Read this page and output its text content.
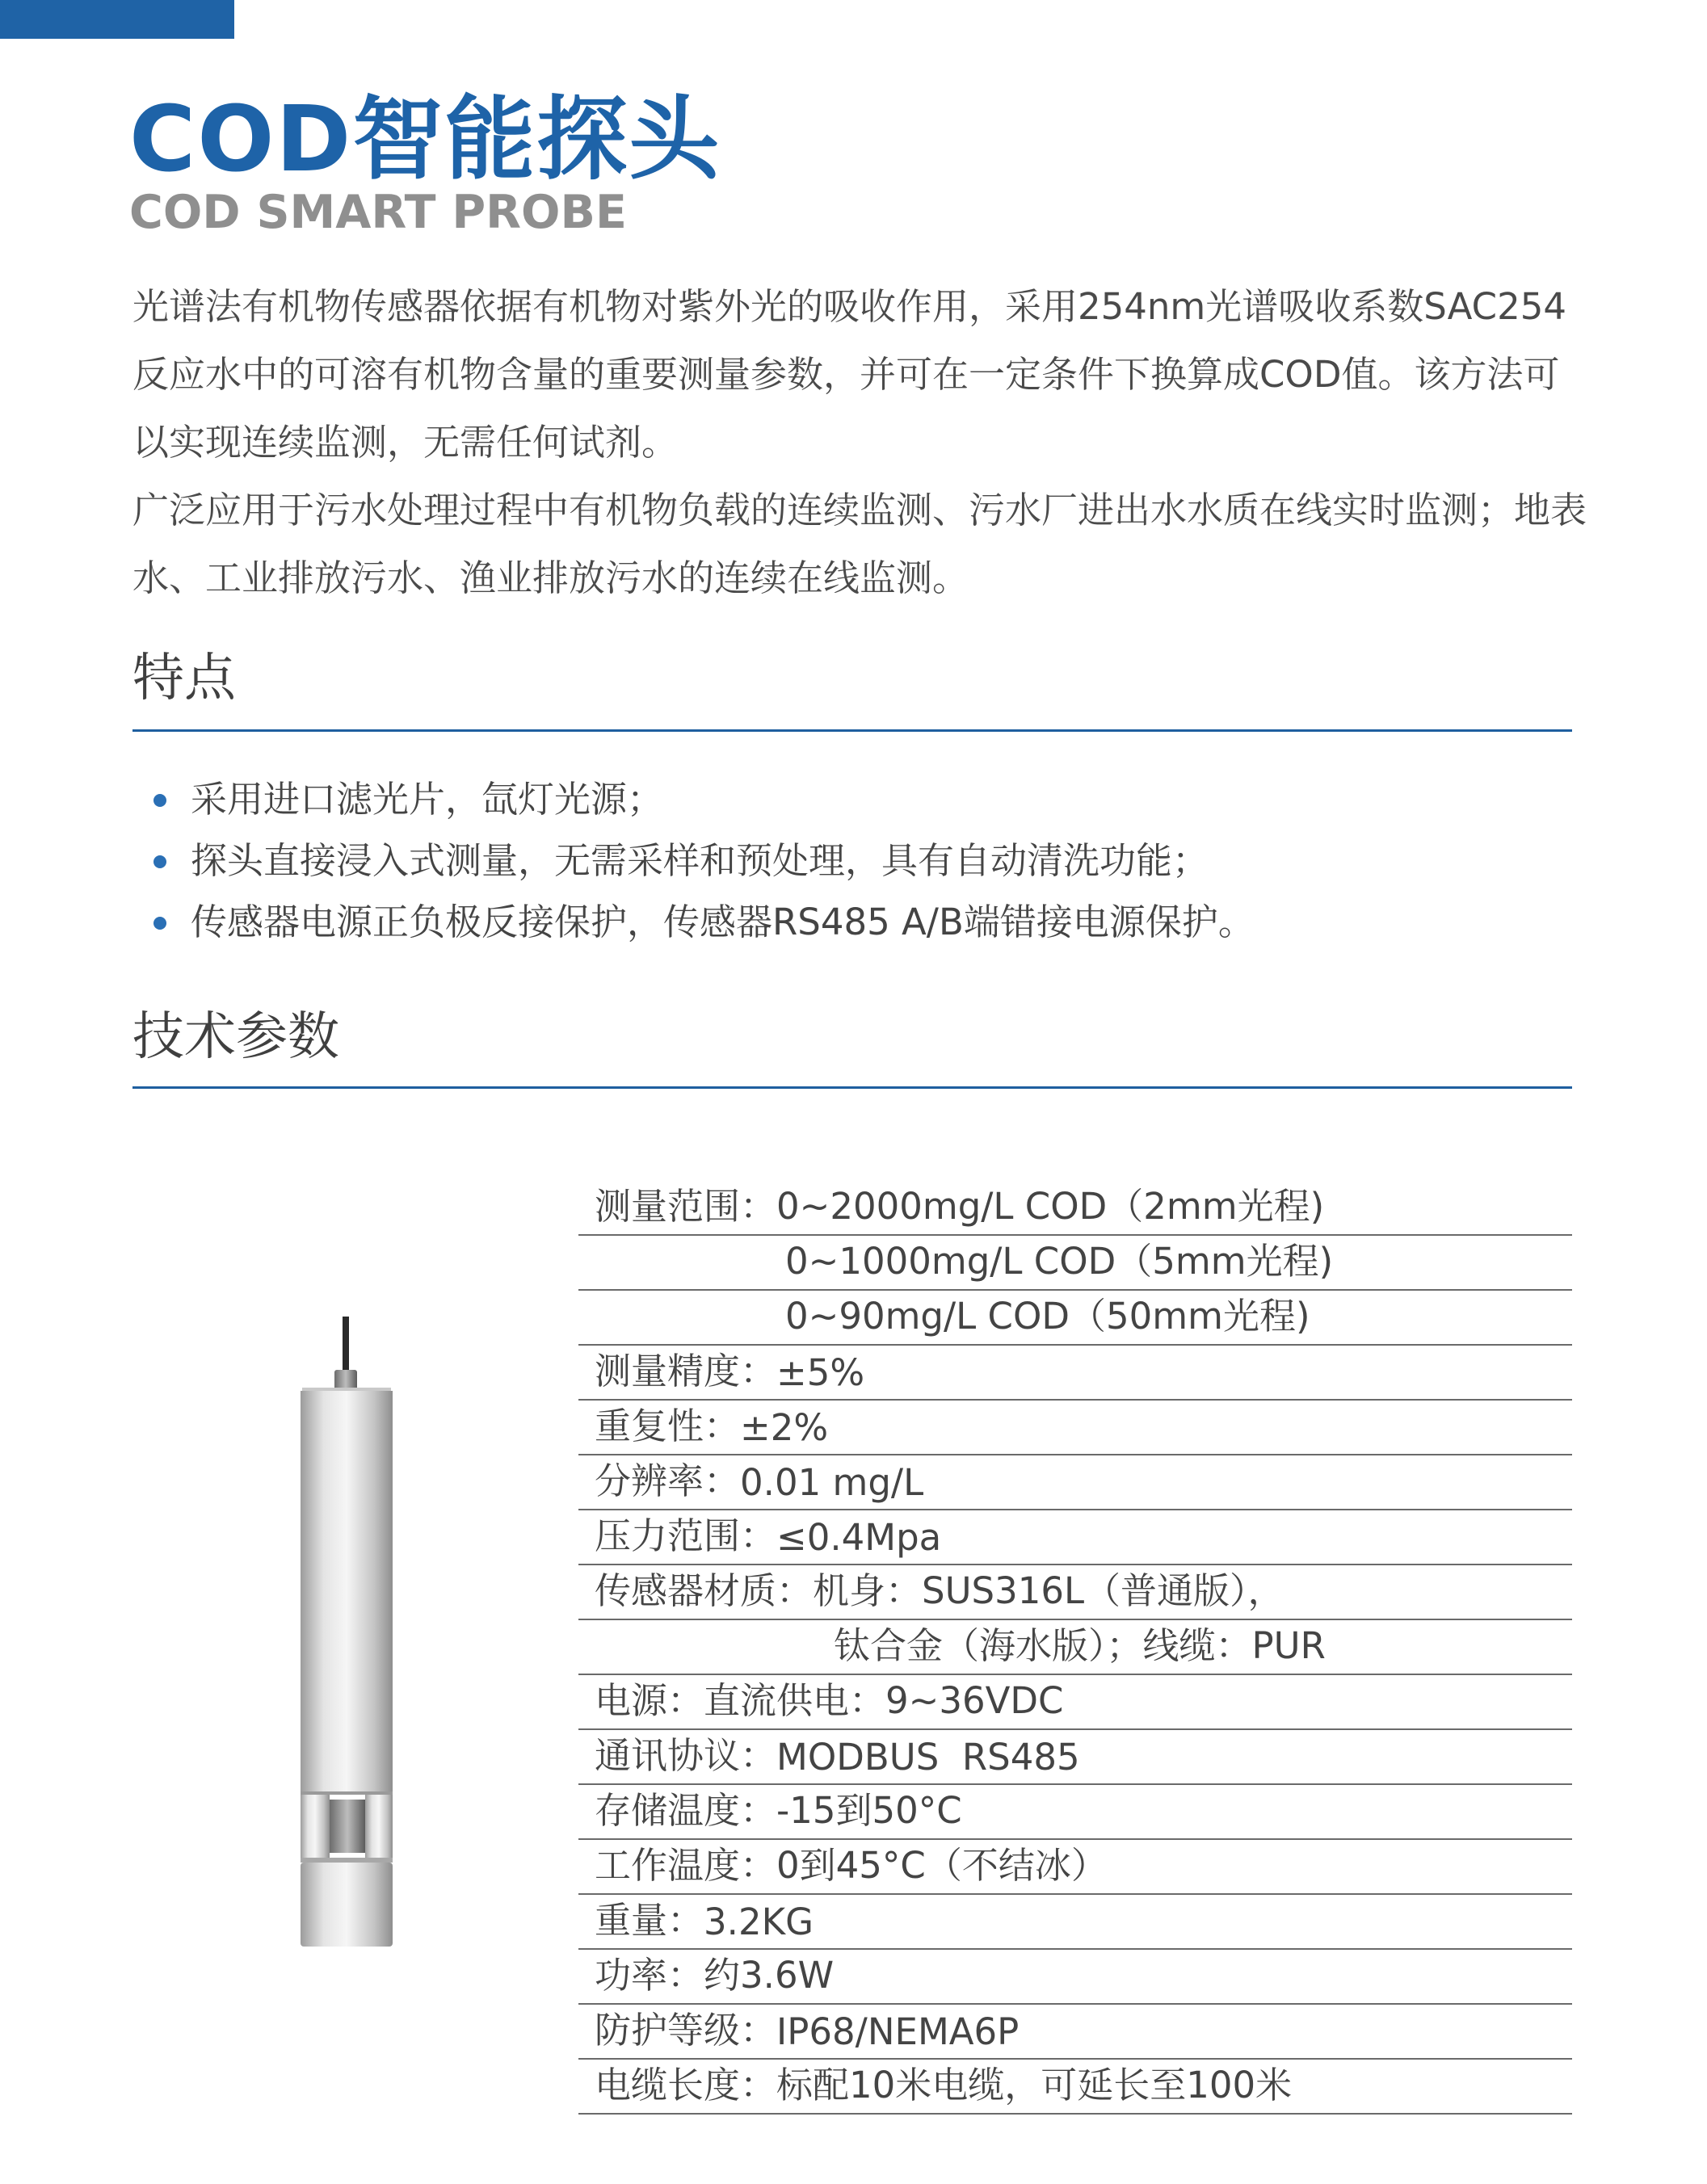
COD智能探头
COD SMART PROBE

光谱法有机物传感器依据有机物对紫外光的吸收作用，采用254nm光谱吸收系数SAC254反应水中的可溶有机物含量的重要测量参数，并可在一定条件下换算成COD值。该方法可以实现连续监测，无需任何试剂。

广泛应用于污水处理过程中有机物负载的连续监测、污水厂进出水水质在线实时监测；地表水、工业排放污水、渔业排放污水的连续在线监测。

特点
采用进口滤光片，氙灯光源；
探头直接浸入式测量，无需采样和预处理，具有自动清洗功能；
传感器电源正负极反接保护，传感器RS485 A/B端错接电源保护。
技术参数
测量范围： 0~2000mg/L COD（2mm光程)
0~1000mg/L COD（5mm光程)
0~90mg/L COD（50mm光程)
测量精度： ±5%
重复性： ±2%
分辨率： 0.01 mg/L
压力范围： ≤0.4Mpa
传感器材质： 机身：SUS316L（普通版），
钛合金（海水版）；线缆：PUR
电源： 直流供电：9~36VDC
通讯协议： MODBUS  RS485
存储温度： -15到50°C
工作温度： 0到45°C（不结冰）
重量： 3.2KG
功率： 约3.6W
防护等级： IP68/NEMA6P
电缆长度： 标配10米电缆，可延长至100米
